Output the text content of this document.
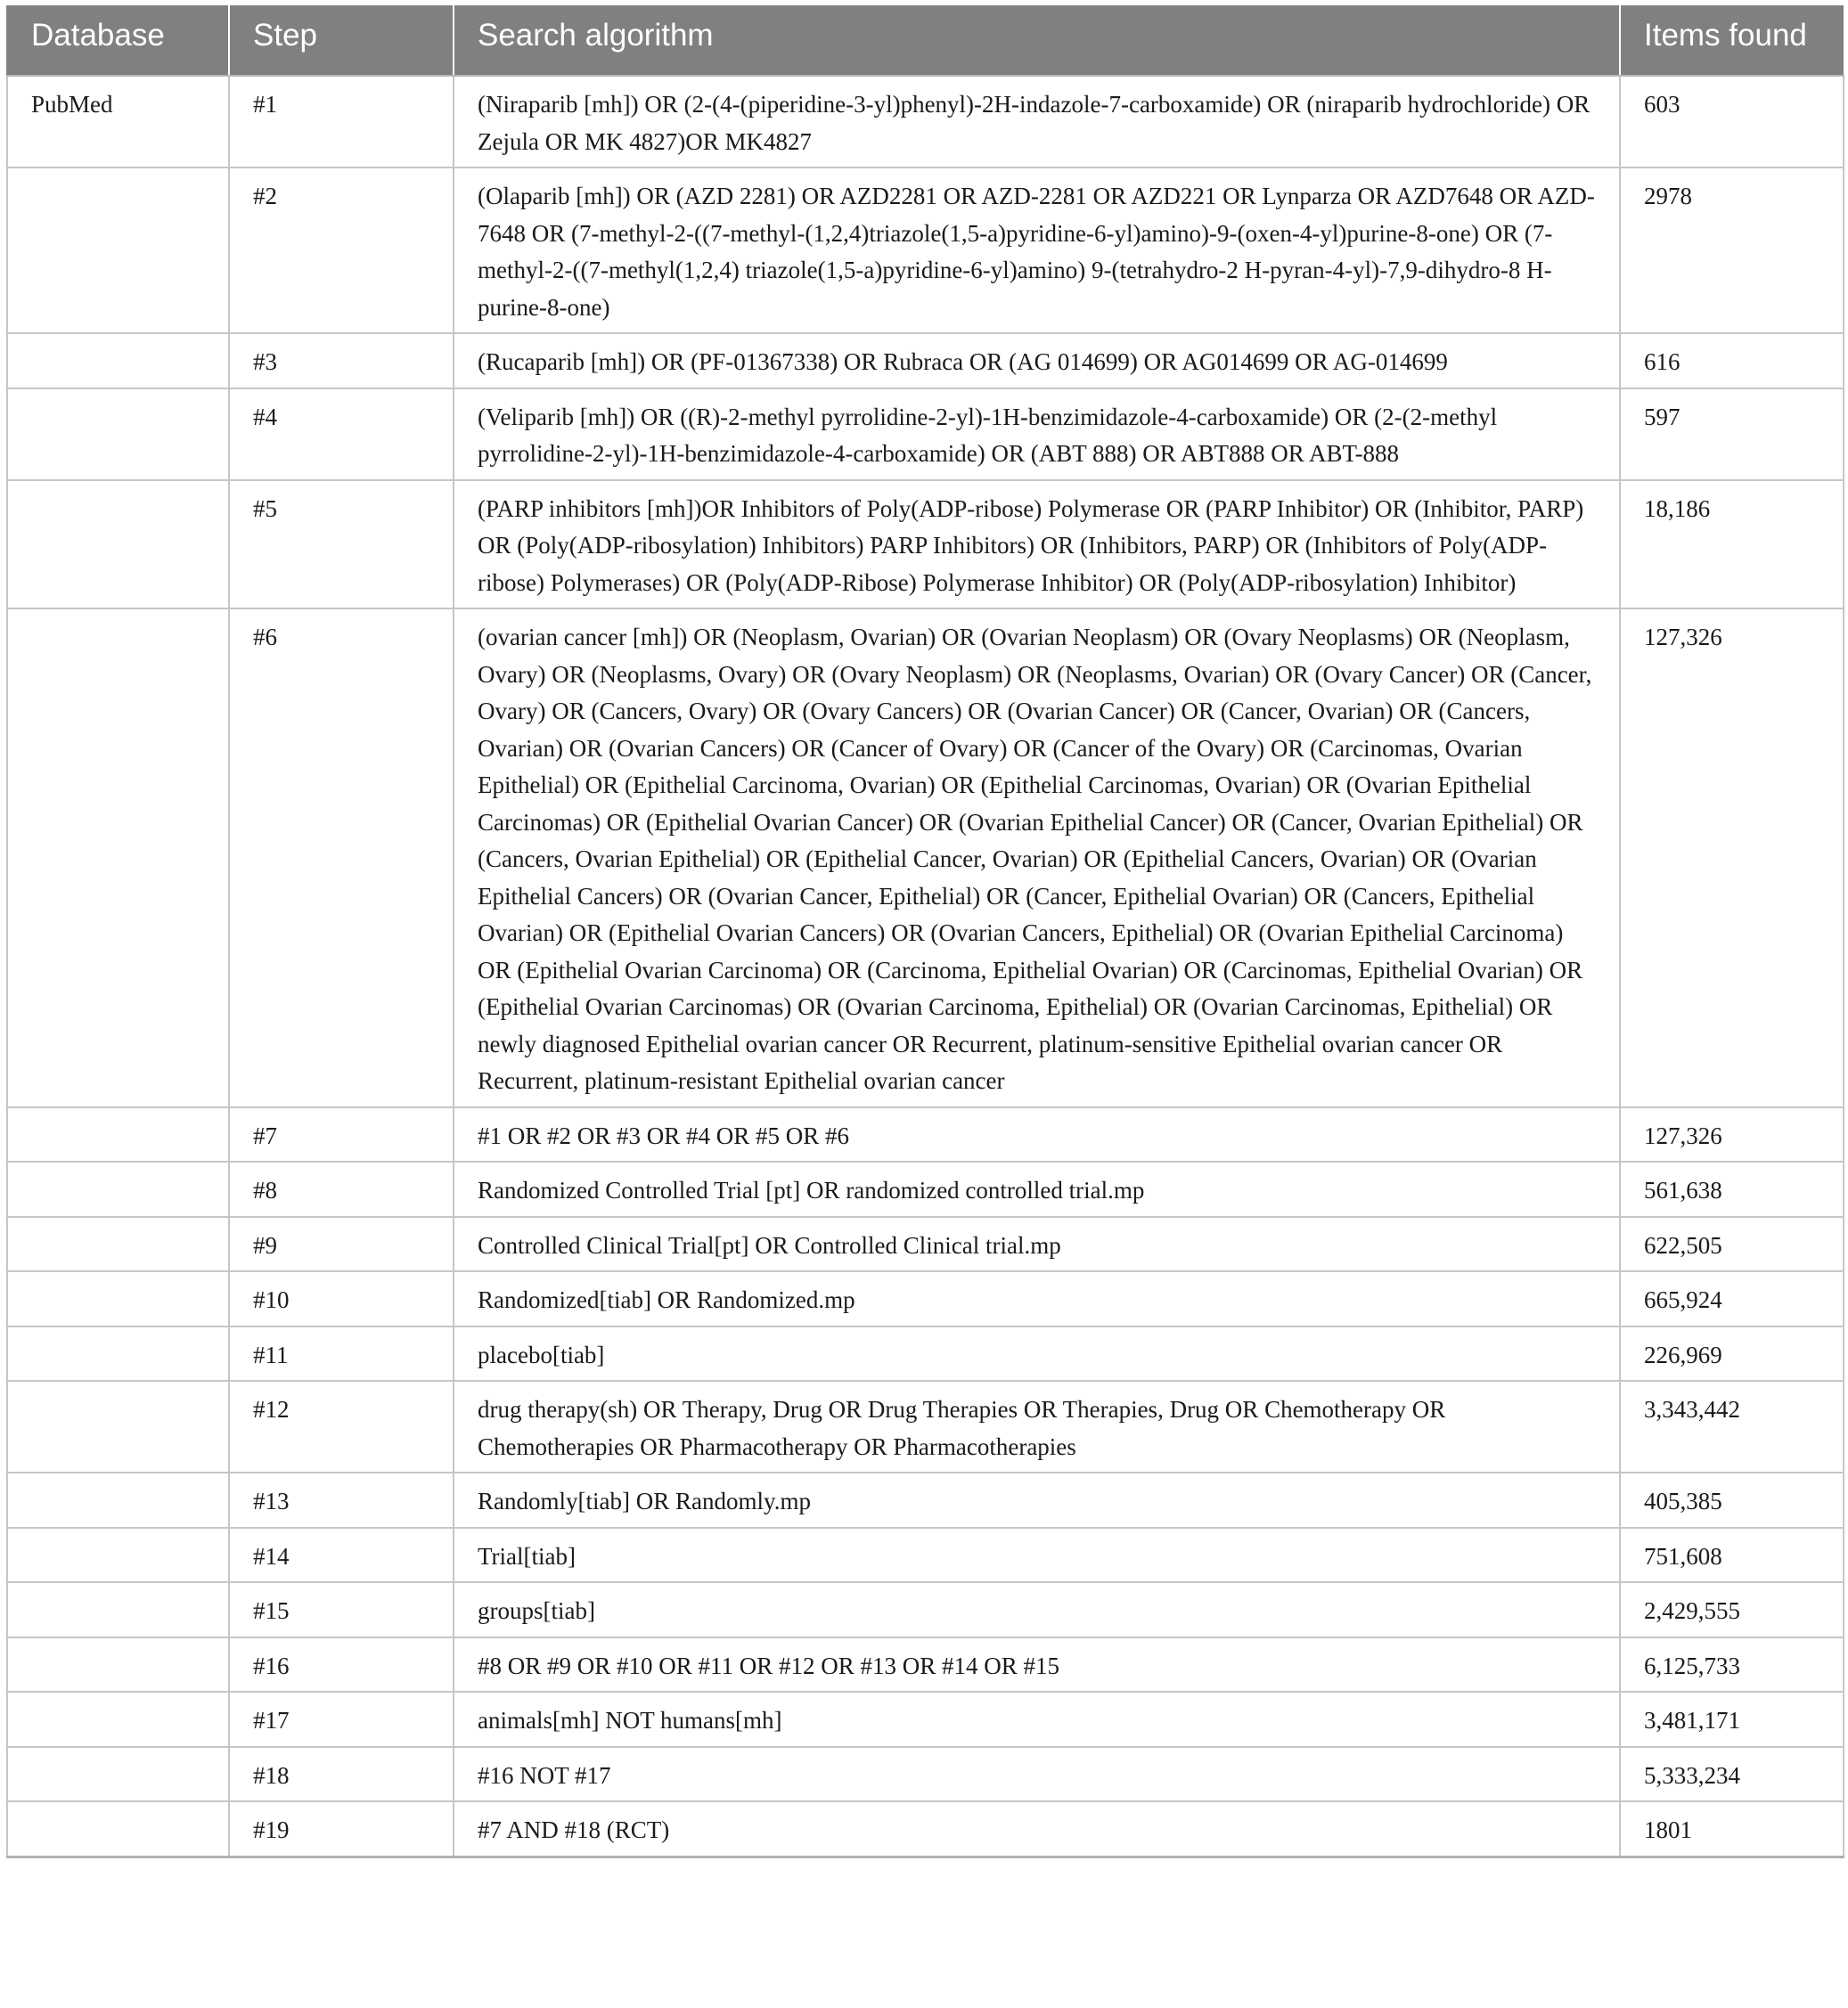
Database	Step	Search algorithm	Items found
PubMed	#1	(Niraparib [mh]) OR (2-(4-(piperidine-3-yl)phenyl)-2H-indazole-7-carboxamide) OR (niraparib hydrochloride) OR Zejula OR MK 4827)OR MK4827	603
	#2	(Olaparib [mh]) OR (AZD 2281) OR AZD2281 OR AZD-2281 OR AZD221 OR Lynparza OR AZD7648 OR AZD-7648 OR (7-methyl-2-((7-methyl-(1,2,4)triazole(1,5-a)pyridine-6-yl)amino)-9-(oxen-4-yl)purine-8-one) OR (7-methyl-2-((7-methyl(1,2,4) triazole(1,5-a)pyridine-6-yl)amino) 9-(tetrahydro-2 H-pyran-4-yl)-7,9-dihydro-8 H-purine-8-one)	2978
	#3	(Rucaparib [mh]) OR (PF-01367338) OR Rubraca OR (AG 014699) OR AG014699 OR AG-014699	616
	#4	(Veliparib [mh]) OR ((R)-2-methyl pyrrolidine-2-yl)-1H-benzimidazole-4-carboxamide) OR (2-(2-methyl pyrrolidine-2-yl)-1H-benzimidazole-4-carboxamide) OR (ABT 888) OR ABT888 OR ABT-888	597
	#5	(PARP inhibitors [mh])OR Inhibitors of Poly(ADP-ribose) Polymerase OR (PARP Inhibitor) OR (Inhibitor, PARP) OR (Poly(ADP-ribosylation) Inhibitors) PARP Inhibitors) OR (Inhibitors, PARP) OR (Inhibitors of Poly(ADP-ribose) Polymerases) OR (Poly(ADP-Ribose) Polymerase Inhibitor) OR (Poly(ADP-ribosylation) Inhibitor)	18,186
	#6	(ovarian cancer [mh]) OR (Neoplasm, Ovarian) OR (Ovarian Neoplasm) OR (Ovary Neoplasms) OR (Neoplasm, Ovary) OR (Neoplasms, Ovary) OR (Ovary Neoplasm) OR (Neoplasms, Ovarian) OR (Ovary Cancer) OR (Cancer, Ovary) OR (Cancers, Ovary) OR (Ovary Cancers) OR (Ovarian Cancer) OR (Cancer, Ovarian) OR (Cancers, Ovarian) OR (Ovarian Cancers) OR (Cancer of Ovary) OR (Cancer of the Ovary) OR (Carcinomas, Ovarian Epithelial) OR (Epithelial Carcinoma, Ovarian) OR (Epithelial Carcinomas, Ovarian) OR (Ovarian Epithelial Carcinomas) OR (Epithelial Ovarian Cancer) OR (Ovarian Epithelial Cancer) OR (Cancer, Ovarian Epithelial) OR (Cancers, Ovarian Epithelial) OR (Epithelial Cancer, Ovarian) OR (Epithelial Cancers, Ovarian) OR (Ovarian Epithelial Cancers) OR (Ovarian Cancer, Epithelial) OR (Cancer, Epithelial Ovarian) OR (Cancers, Epithelial Ovarian) OR (Epithelial Ovarian Cancers) OR (Ovarian Cancers, Epithelial) OR (Ovarian Epithelial Carcinoma) OR (Epithelial Ovarian Carcinoma) OR (Carcinoma, Epithelial Ovarian) OR (Carcinomas, Epithelial Ovarian) OR (Epithelial Ovarian Carcinomas) OR (Ovarian Carcinoma, Epithelial) OR (Ovarian Carcinomas, Epithelial) OR newly diagnosed Epithelial ovarian cancer OR Recurrent, platinum-sensitive Epithelial ovarian cancer OR Recurrent, platinum-resistant Epithelial ovarian cancer	127,326
	#7	#1 OR #2 OR #3 OR #4 OR #5 OR #6	127,326
	#8	Randomized Controlled Trial [pt] OR randomized controlled trial.mp	561,638
	#9	Controlled Clinical Trial[pt] OR Controlled Clinical trial.mp	622,505
	#10	Randomized[tiab] OR Randomized.mp	665,924
	#11	placebo[tiab]	226,969
	#12	drug therapy(sh) OR Therapy, Drug OR Drug Therapies OR Therapies, Drug OR Chemotherapy OR Chemotherapies OR Pharmacotherapy OR Pharmacotherapies	3,343,442
	#13	Randomly[tiab] OR Randomly.mp	405,385
	#14	Trial[tiab]	751,608
	#15	groups[tiab]	2,429,555
	#16	#8 OR #9 OR #10 OR #11 OR #12 OR #13 OR #14 OR #15	6,125,733
	#17	animals[mh] NOT humans[mh]	3,481,171
	#18	#16 NOT #17	5,333,234
	#19	#7 AND #18 (RCT)	1801
